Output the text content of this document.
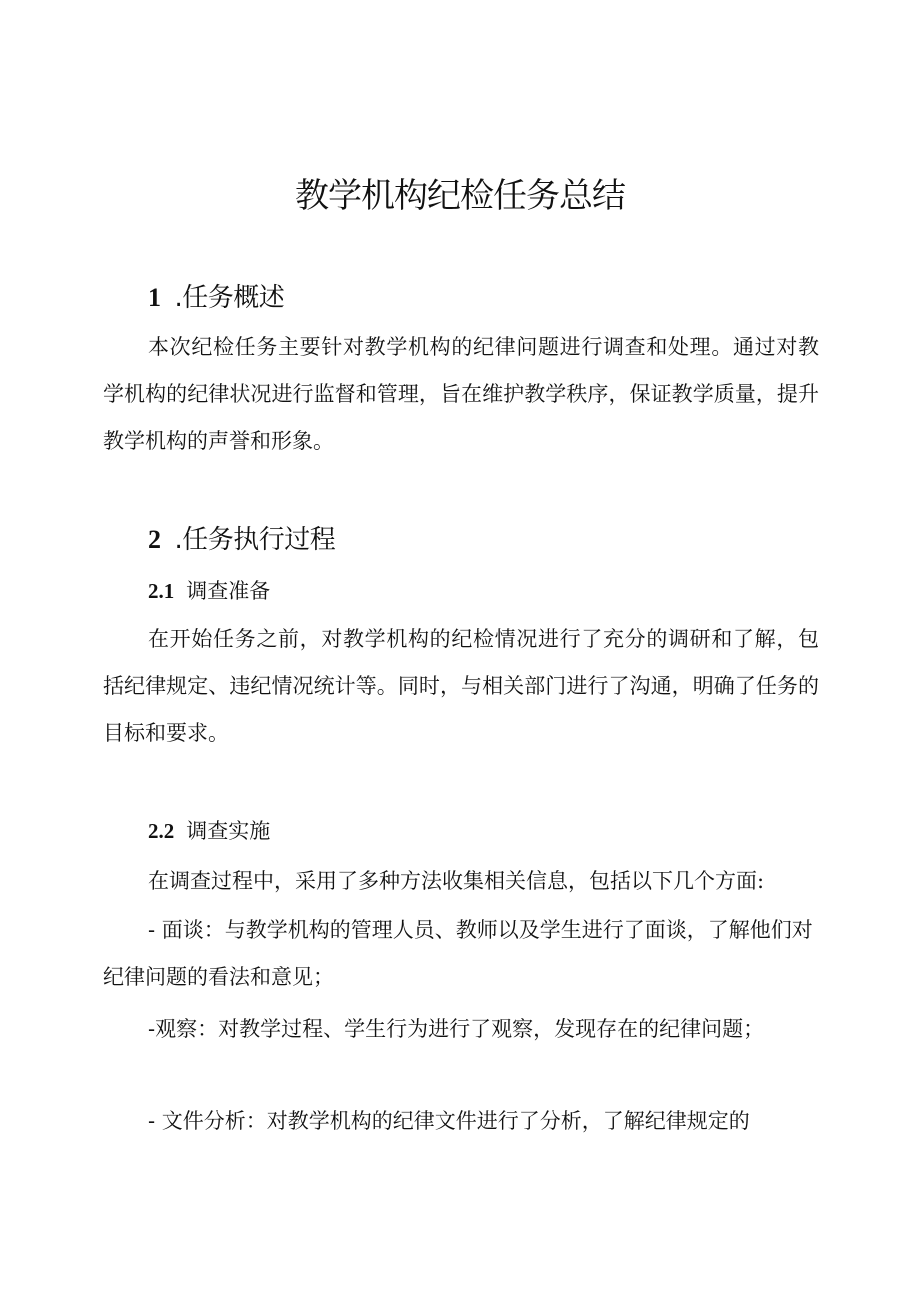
教学机构纪检任务总结
1 .任务概述

本次纪检任务主要针对教学机构的纪律问题进行调查和处理。通过对教学机构的纪律状况进行监督和管理，旨在维护教学秩序，保证教学质量，提升教学机构的声誉和形象。

2 .任务执行过程
2.1 调查准备

在开始任务之前，对教学机构的纪检情况进行了充分的调研和了解，包括纪律规定、违纪情况统计等。同时，与相关部门进行了沟通，明确了任务的目标和要求。

2.2 调查实施

在调查过程中，采用了多种方法收集相关信息，包括以下几个方面:

- 面谈：与教学机构的管理人员、教师以及学生进行了面谈，了解他们对纪律问题的看法和意见；

-观察：对教学过程、学生行为进行了观察，发现存在的纪律问题；

- 文件分析：对教学机构的纪律文件进行了分析，了解纪律规定的
